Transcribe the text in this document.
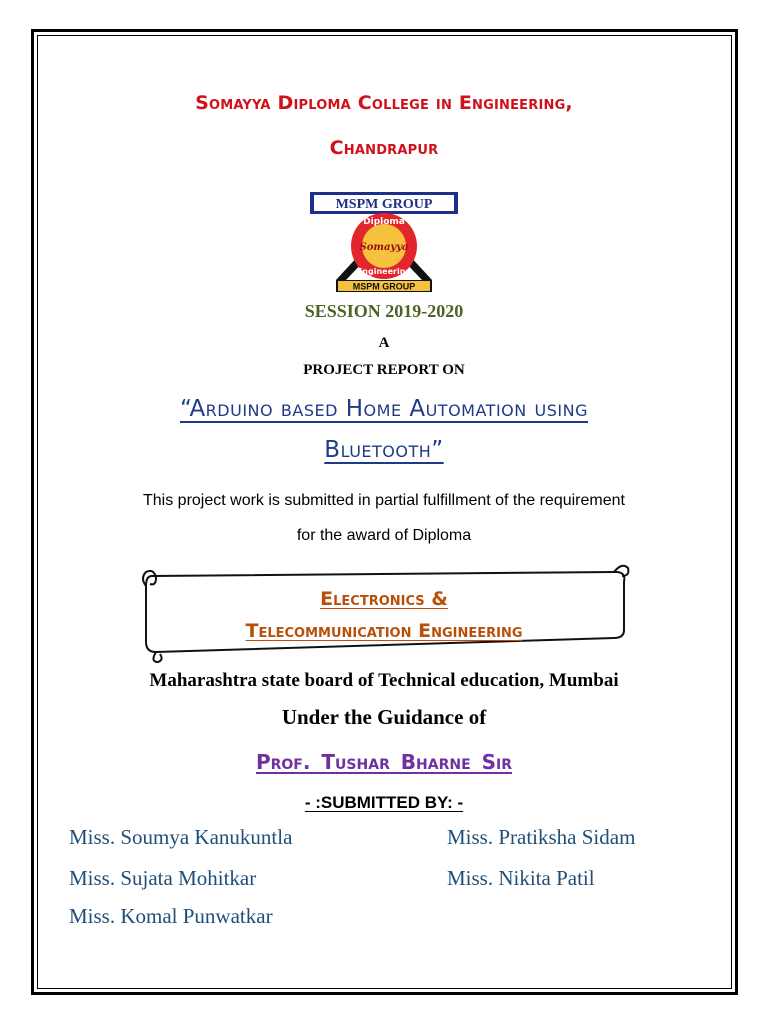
Somayya Diploma College in Engineering,
Chandrapur
MSPM GROUP
Diploma
Somayya
Engineering
MSPM GROUP
SESSION 2019-2020
A
PROJECT REPORT ON
“Arduino based Home Automation using
Bluetooth”
This project work is submitted in partial fulfillment of the requirement
for the award of Diploma
Electronics &
Telecommunication Engineering
Maharashtra state board of Technical education, Mumbai
Under the Guidance of
Prof. Tushar Bharne Sir
- :SUBMITTED BY: -
Miss. Soumya Kanukuntla	Miss. Pratiksha Sidam
Miss. Sujata Mohitkar	Miss. Nikita Patil
Miss. Komal Punwatkar
